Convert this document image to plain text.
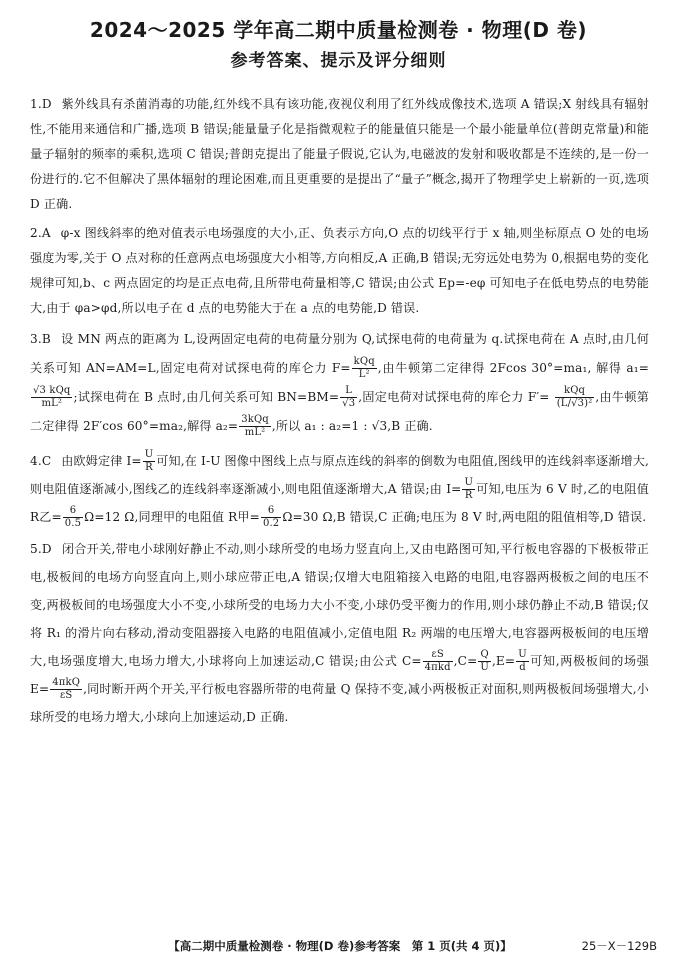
2024～2025 学年高二期中质量检测卷 · 物理(D 卷)
参考答案、提示及评分细则
1.D 紫外线具有杀菌消毒的功能,红外线不具有该功能,夜视仪利用了红外线成像技术,选项 A 错误;X 射线具有辐射性,不能用来通信和广播,选项 B 错误;能量量子化是指微观粒子的能量值只能是一个最小能量单位(普朗克常量)和能量子辐射的频率的乘积,选项 C 错误;普朗克提出了能量子假说,它认为,电磁波的发射和吸收都是不连续的,是一份一份进行的.它不但解决了黑体辐射的理论困难,而且更重要的是提出了“量子”概念,揭开了物理学史上崭新的一页,选项 D 正确.
2.A φ-x 图线斜率的绝对值表示电场强度的大小,正、负表示方向,O 点的切线平行于 x 轴,则坐标原点 O 处的电场强度为零,关于 O 点对称的任意两点电场强度大小相等,方向相反,A 正确,B 错误;无穷远处电势为 0,根据电势的变化规律可知,b、c 两点固定的均是正点电荷,且所带电荷量相等,C 错误;由公式 Ep=-eφ 可知电子在低电势点的电势能大,由于 φa>φd,所以电子在 d 点的电势能大于在 a 点的电势能,D 错误.
3.B 设 MN 两点的距离为 L,设两固定电荷的电荷量分别为 Q,试探电荷的电荷量为 q.试探电荷在 A 点时,由几何关系可知 AN=AM=L,固定电荷对试探电荷的库仑力 $F= \frac{\text{kQq}}{\text{L²}}$ ,由牛顿第二定律得 2Fcos 30°=ma₁, 解得 a₁=
$\frac{\text{√3 kQq}}{\text{mL²}}$ ;试探电荷在 B 点时,由几何关系可知 $BN=BM= \frac{L}{√3}$ ,固定电荷对试探电荷的库仑力 $F'= \frac{\text{kQq}}{\text{(L/√3)²}}$ ,由牛顿第二定律得 2F′cos 60°=ma₂,解得 $a_2= \frac{\text{3kQq}}{\text{mL²}}$ ,所以 a₁ : a₂=1 : √3,B 正确.
4.C 由欧姆定律 $I= \frac{U}{R}$ 可知,在 I-U 图像中图线上点与原点连线的斜率的倒数为电阻值,图线甲的连线斜率逐渐增大,则电阻值逐渐减小,图线乙的连线斜率逐渐减小,则电阻值逐渐增大,A 错误;由 $I= \frac{U}{R}$ 可知,电压为 6 V 时,乙的电阻值 R乙= $\frac{6}{0.5} \Omega=12$ Ω,同理甲的电阻值 R甲= $\frac{6}{0.2} \Omega=30$ Ω,B 错误,C 正确;电压为 8 V 时,两电阻的阻值相等,D 错误.
5.D 闭合开关,带电小球刚好静止不动,则小球所受的电场力竖直向上,又由电路图可知,平行板电容器的下极板带正电,极板间的电场方向竖直向上,则小球应带正电,A 错误;仅增大电阻箱接入电路的电阻,电容器两极板之间的电压不变,两极板间的电场强度大小不变,小球所受的电场力大小不变,小球仍受平衡力的作用,则小球仍静止不动,B 错误;仅将 R₁ 的滑片向右移动,滑动变阻器接入电路的电阻值减小,定值电阻 R₂ 两端的电压增大,电容器两极板间的电压增大,电场强度增大,电场力增大,小球将向上加速运动,C 错误;由公式 $C= \frac{\varepsilon S}{\text{4πkd}} ,C= \frac{Q}{U} ,E= \frac{U}{d}$ 可知,两极板间的场强 $E= \frac{\text{4πkQ}}{\varepsilon S}$ ,同时断开两个开关,平行板电容器所带的电荷量 Q 保持不变,减小两极板正对面积,则两极板间场强增大,小球所受的电场力增大,小球向上加速运动,D 正确.
【高二期中质量检测卷 · 物理(D 卷)参考答案　第 1 页(共 4 页)】	25－X－129B
